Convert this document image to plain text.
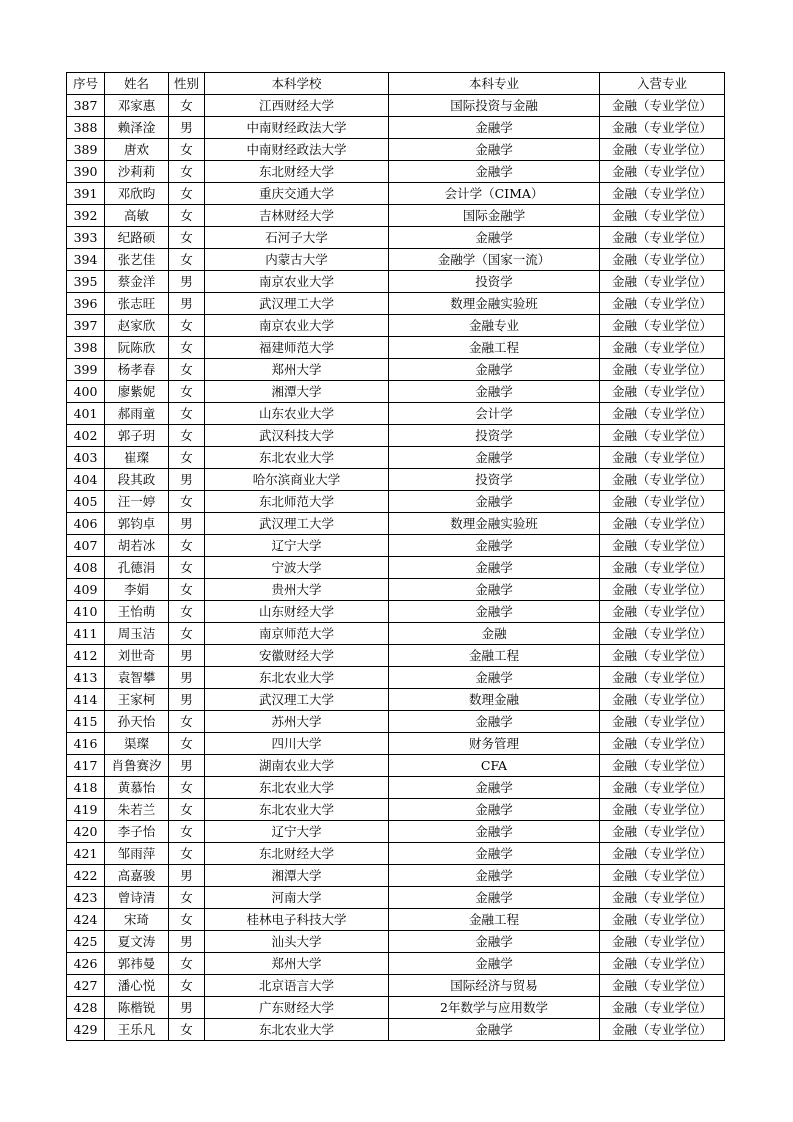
序号	姓名	性别	本科学校	本科专业	入营专业
387	邓家惠	女	江西财经大学	国际投资与金融	金融（专业学位）
388	赖泽淦	男	中南财经政法大学	金融学	金融（专业学位）
389	唐欢	女	中南财经政法大学	金融学	金融（专业学位）
390	沙莉莉	女	东北财经大学	金融学	金融（专业学位）
391	邓欣昀	女	重庆交通大学	会计学（CIMA）	金融（专业学位）
392	高敏	女	吉林财经大学	国际金融学	金融（专业学位）
393	纪路硕	女	石河子大学	金融学	金融（专业学位）
394	张艺佳	女	内蒙古大学	金融学（国家一流）	金融（专业学位）
395	蔡金洋	男	南京农业大学	投资学	金融（专业学位）
396	张志旺	男	武汉理工大学	数理金融实验班	金融（专业学位）
397	赵家欣	女	南京农业大学	金融专业	金融（专业学位）
398	阮陈欣	女	福建师范大学	金融工程	金融（专业学位）
399	杨孝春	女	郑州大学	金融学	金融（专业学位）
400	廖紫妮	女	湘潭大学	金融学	金融（专业学位）
401	郝雨童	女	山东农业大学	会计学	金融（专业学位）
402	郭子玥	女	武汉科技大学	投资学	金融（专业学位）
403	崔璨	女	东北农业大学	金融学	金融（专业学位）
404	段其政	男	哈尔滨商业大学	投资学	金融（专业学位）
405	汪一婷	女	东北师范大学	金融学	金融（专业学位）
406	郭钧卓	男	武汉理工大学	数理金融实验班	金融（专业学位）
407	胡若冰	女	辽宁大学	金融学	金融（专业学位）
408	孔德涓	女	宁波大学	金融学	金融（专业学位）
409	李娟	女	贵州大学	金融学	金融（专业学位）
410	王怡萌	女	山东财经大学	金融学	金融（专业学位）
411	周玉洁	女	南京师范大学	金融	金融（专业学位）
412	刘世奇	男	安徽财经大学	金融工程	金融（专业学位）
413	袁智攀	男	东北农业大学	金融学	金融（专业学位）
414	王家柯	男	武汉理工大学	数理金融	金融（专业学位）
415	孙天怡	女	苏州大学	金融学	金融（专业学位）
416	渠璨	女	四川大学	财务管理	金融（专业学位）
417	肖鲁赛汐	男	湖南农业大学	CFA	金融（专业学位）
418	黄慕怡	女	东北农业大学	金融学	金融（专业学位）
419	朱若兰	女	东北农业大学	金融学	金融（专业学位）
420	李子怡	女	辽宁大学	金融学	金融（专业学位）
421	邹雨萍	女	东北财经大学	金融学	金融（专业学位）
422	高嘉骏	男	湘潭大学	金融学	金融（专业学位）
423	曾诗清	女	河南大学	金融学	金融（专业学位）
424	宋琦	女	桂林电子科技大学	金融工程	金融（专业学位）
425	夏文涛	男	汕头大学	金融学	金融（专业学位）
426	郭祎曼	女	郑州大学	金融学	金融（专业学位）
427	潘心悦	女	北京语言大学	国际经济与贸易	金融（专业学位）
428	陈楷锐	男	广东财经大学	2年数学与应用数学	金融（专业学位）
429	王乐凡	女	东北农业大学	金融学	金融（专业学位）
